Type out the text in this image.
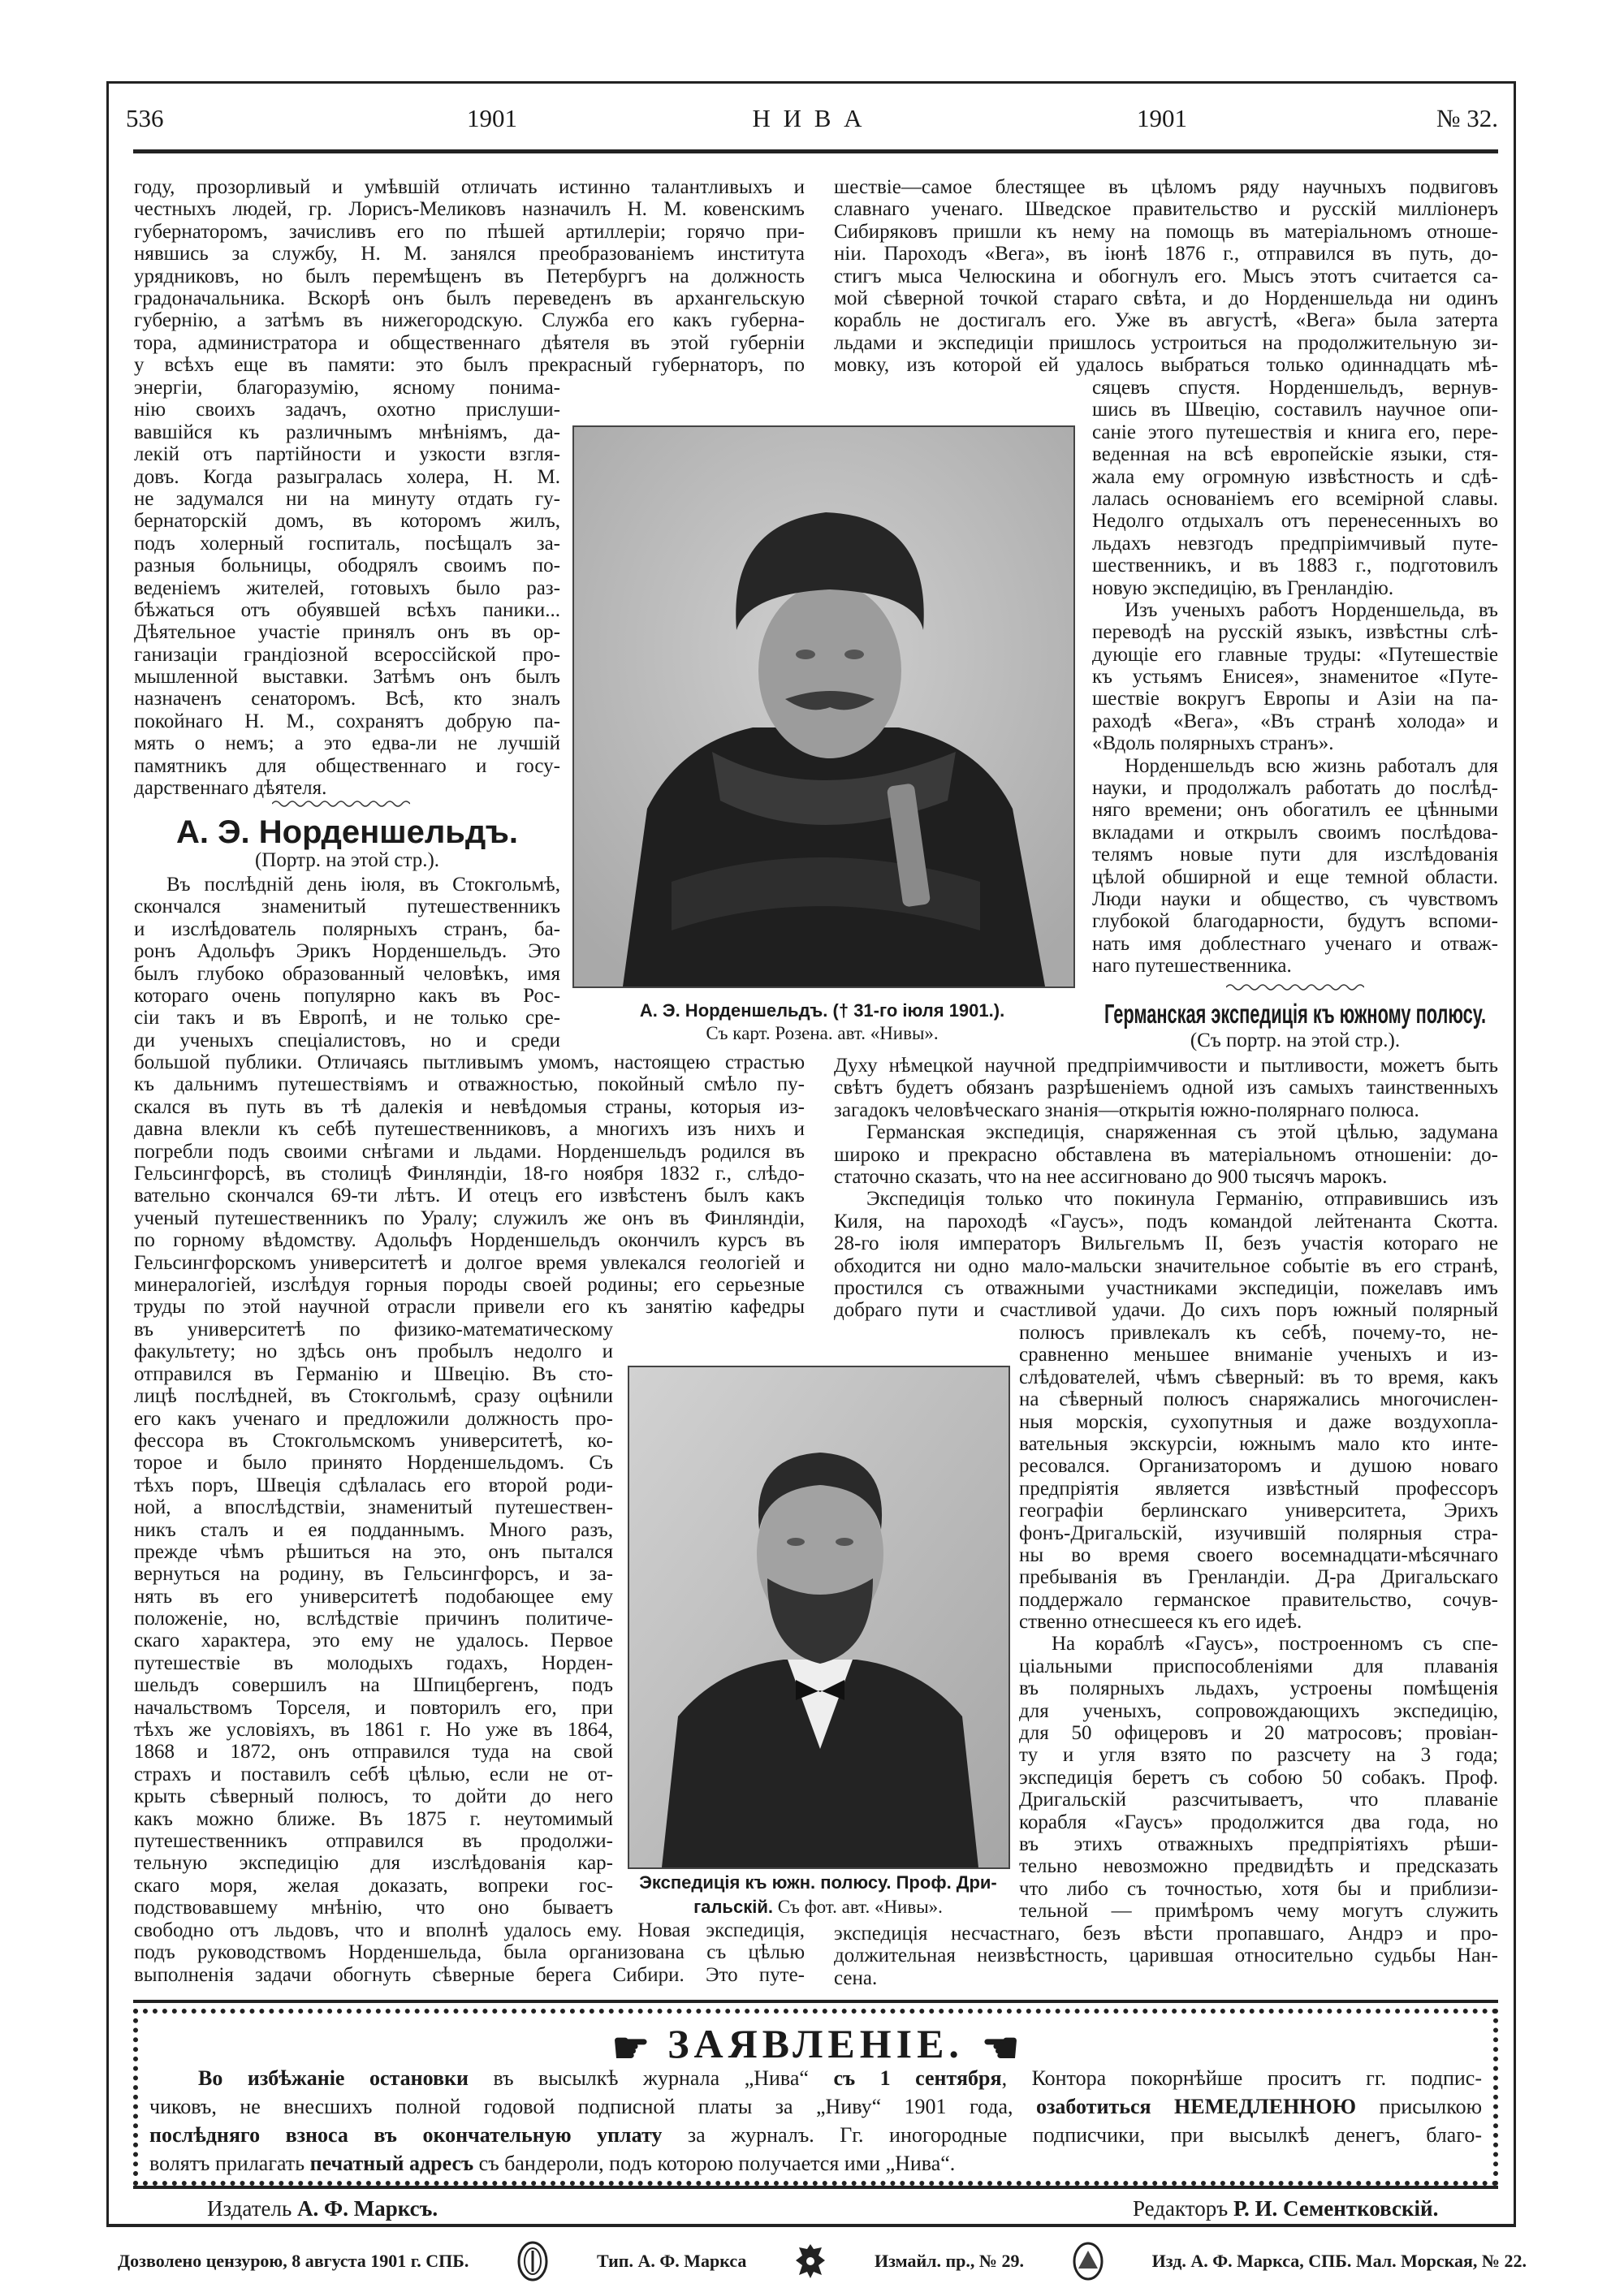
536	1901	Н И В А	1901	№ 32.
году, прозорливый и умѣвшій отличать истинно талантливыхъ и
честныхъ людей, гр. Лорисъ-Меликовъ назначилъ Н. М. ковенскимъ
губернаторомъ, зачисливъ его по пѣшей артиллеріи; горячо при-
нявшись за службу, Н. М. занялся преобразованіемъ института
урядниковъ, но былъ перемѣщенъ въ Петербургъ на должность
градоначальника. Вскорѣ онъ былъ переведенъ въ архангельскую
губернію, а затѣмъ въ нижегородскую. Служба его какъ губерна-
тора, администратора и общественнаго дѣятеля въ этой губерніи
у всѣхъ еще въ памяти: это былъ прекрасный губернаторъ, по
энергіи, благоразумію, ясному понима-
нію своихъ задачъ, охотно прислуши-
вавшійся къ различнымъ мнѣніямъ, да-
лекій отъ партійности и узкости взгля-
довъ. Когда разыгралась холера, Н. М.
не задумался ни на минуту отдать гу-
бернаторскій домъ, въ которомъ жилъ,
подъ холерный госпиталь, посѣщалъ за-
разныя больницы, ободрялъ своимъ по-
веденіемъ жителей, готовыхъ было раз-
бѣжаться отъ обуявшей всѣхъ паники...
Дѣятельное участіе принялъ онъ въ ор-
ганизаціи грандіозной всероссійской про-
мышленной выставки. Затѣмъ онъ былъ
назначенъ сенаторомъ. Всѣ, кто зналъ
покойнаго Н. М., сохранятъ добрую па-
мять о немъ; а это едва-ли не лучшій
памятникъ для общественнаго и госу-
дарственнаго дѣятеля.
А. Э. Норденшельдъ.
(Портр. на этой стр.).
Въ послѣдній день іюля, въ Стокгольмѣ,
скончался знаменитый путешественникъ
и изслѣдователь полярныхъ странъ, ба-
ронъ Адольфъ Эрикъ Норденшельдъ. Это
былъ глубоко образованный человѣкъ, имя
котораго очень популярно какъ въ Рос-
сіи такъ и въ Европѣ, и не только сре-
ди ученыхъ спеціалистовъ, но и среди
большой публики. Отличаясь пытливымъ умомъ, настоящею страстью
къ дальнимъ путешествіямъ и отважностью, покойный смѣло пу-
скался въ путь въ тѣ далекія и невѣдомыя страны, которыя из-
давна влекли къ себѣ путешественниковъ, а многихъ изъ нихъ и
погребли подъ своими снѣгами и льдами. Норденшельдъ родился въ
Гельсингфорсѣ, въ столицѣ Финляндіи, 18-го ноября 1832 г., слѣдо-
вательно скончался 69-ти лѣтъ. И отецъ его извѣстенъ былъ какъ
ученый путешественникъ по Уралу; служилъ же онъ въ Финляндіи,
по горному вѣдомству. Адольфъ Норденшельдъ окончилъ курсъ въ
Гельсингфорскомъ университетѣ и долгое время увлекался геологіей и
минералогіей, изслѣдуя горныя породы своей родины; его серьезные
труды по этой научной отрасли привели его къ занятію кафедры
въ университетѣ по физико-математическому
факультету; но здѣсь онъ пробылъ недолго и
отправился въ Германію и Швецію. Въ сто-
лицѣ послѣдней, въ Стокгольмѣ, сразу оцѣнили
его какъ ученаго и предложили должность про-
фессора въ Стокгольмскомъ университетѣ, ко-
торое и было принято Норденшельдомъ. Съ
тѣхъ поръ, Швеція сдѣлалась его второй роди-
ной, а впослѣдствіи, знаменитый путешествен-
никъ сталъ и ея подданнымъ. Много разъ,
прежде чѣмъ рѣшиться на это, онъ пытался
вернуться на родину, въ Гельсингфорсъ, и за-
нять въ его университетѣ подобающее ему
положеніе, но, вслѣдствіе причинъ политиче-
скаго характера, это ему не удалось. Первое
путешествіе въ молодыхъ годахъ, Норден-
шельдъ совершилъ на Шпицбергенъ, подъ
начальствомъ Торселя, и повторилъ его, при
тѣхъ же условіяхъ, въ 1861 г. Но уже въ 1864,
1868 и 1872, онъ отправился туда на свой
страхъ и поставилъ себѣ цѣлью, если не от-
крыть сѣверный полюсъ, то дойти до него
какъ можно ближе. Въ 1875 г. неутомимый
путешественникъ отправился въ продолжи-
тельную экспедицію для изслѣдованія кар-
скаго моря, желая доказать, вопреки гос-
подствовавшему мнѣнію, что оно бываетъ
свободно отъ льдовъ, что и вполнѣ удалось ему. Новая экспедиція,
подъ руководствомъ Норденшельда, была организована съ цѣлью
выполненія задачи обогнуть сѣверные берега Сибири. Это путе-
шествіе—самое блестящее въ цѣломъ ряду научныхъ подвиговъ
славнаго ученаго. Шведское правительство и русскій милліонеръ
Сибиряковъ пришли къ нему на помощь въ матеріальномъ отноше-
ніи. Пароходъ «Вега», въ іюнѣ 1876 г., отправился въ путь, до-
стигъ мыса Челюскина и обогнулъ его. Мысъ этотъ считается са-
мой сѣверной точкой стараго свѣта, и до Норденшельда ни одинъ
корабль не достигалъ его. Уже въ августѣ, «Вега» была затерта
льдами и экспедиціи пришлось устроиться на продолжительную зи-
мовку, изъ которой ей удалось выбраться только одиннадцать мѣ-
сяцевъ спустя. Норденшельдъ, вернув-
шись въ Швецію, составилъ научное опи-
саніе этого путешествія и книга его, пере-
веденная на всѣ европейскіе языки, стя-
жала ему огромную извѣстность и сдѣ-
лалась основаніемъ его всемірной славы.
Недолго отдыхалъ отъ перенесенныхъ во
льдахъ невзгодъ предпріимчивый путе-
шественникъ, и въ 1883 г., подготовилъ
новую экспедицію, въ Гренландію.
Изъ ученыхъ работъ Норденшельда, въ
переводѣ на русскій языкъ, извѣстны слѣ-
дующіе его главные труды: «Путешествіе
къ устьямъ Енисея», знаменитое «Путе-
шествіе вокругъ Европы и Азіи на па-
раходѣ «Вега», «Въ странѣ холода» и
«Вдоль полярныхъ странъ».
Норденшельдъ всю жизнь работалъ для
науки, и продолжалъ работать до послѣд-
няго времени; онъ обогатилъ ее цѣнными
вкладами и открылъ своимъ послѣдова-
телямъ новые пути для изслѣдованія
цѣлой обширной и еще темной области.
Люди науки и общество, съ чувствомъ
глубокой благодарности, будутъ вспоми-
нать имя доблестнаго ученаго и отваж-
наго путешественника.
Германская экспедиція къ южному полюсу.
(Съ портр. на этой стр.).
Духу нѣмецкой научной предпріимчивости и пытливости, можетъ быть
свѣтъ будетъ обязанъ разрѣшеніемъ одной изъ самыхъ таинственныхъ
загадокъ человѣческаго знанія—открытія южно-полярнаго полюса.
Германская экспедиція, снаряженная съ этой цѣлью, задумана
широко и прекрасно обставлена въ матеріальномъ отношеніи: до-
статочно сказать, что на нее ассигновано до 900 тысячъ марокъ.
Экспедиція только что покинула Германію, отправившись изъ
Киля, на пароходѣ «Гаусъ», подъ командой лейтенанта Скотта.
28-го іюля императоръ Вильгельмъ II, безъ участія котораго не
обходится ни одно мало-мальски значительное событіе въ его странѣ,
простился съ отважными участниками экспедиціи, пожелавъ имъ
добраго пути и счастливой удачи. До сихъ поръ южный полярный
полюсъ привлекалъ къ себѣ, почему-то, не-
сравненно меньшее вниманіе ученыхъ и из-
слѣдователей, чѣмъ сѣверный: въ то время, какъ
на сѣверный полюсъ снаряжались многочислен-
ныя морскія, сухопутныя и даже воздухопла-
вательныя экскурсіи, южнымъ мало кто инте-
ресовался. Организаторомъ и душою новаго
предпріятія является извѣстный профессоръ
географіи берлинскаго университета, Эрихъ
фонъ-Дригальскій, изучившій полярныя стра-
ны во время своего восемнадцати-мѣсячнаго
пребыванія въ Гренландіи. Д-ра Дригальскаго
поддержало германское правительство, сочув-
ственно отнесшееся къ его идеѣ.
На кораблѣ «Гаусъ», построенномъ съ спе-
ціальными приспособленіями для плаванія
въ полярныхъ льдахъ, устроены помѣщенія
для ученыхъ, сопровождающихъ экспедицію,
для 50 офицеровъ и 20 матросовъ; провіан-
ту и угля взято по разсчету на 3 года;
экспедиція беретъ съ собою 50 собакъ. Проф.
Дригальскій разсчитываетъ, что плаваніе
корабля «Гаусъ» продолжится два года, но
въ этихъ отважныхъ предпріятіяхъ рѣши-
тельно невозможно предвидѣть и предсказать
что либо съ точностью, хотя бы и приблизи-
тельной — примѣромъ чему могутъ служить
экспедиція несчастнаго, безъ вѣсти пропавшаго, Андрэ и про-
должительная неизвѣстность, царившая относительно судьбы Нан-
сена.
А. Э. Норденшельдъ. († 31-го іюля 1901.).
Съ карт. Розена. авт. «Нивы».
Экспедиція къ южн. полюсу. Проф. Дри-
гальскій. Съ фот. авт. «Нивы».
☛ ЗАЯВЛЕНІЕ. ☚
Во избѣжаніе остановки въ высылкѣ журнала „Нива“ съ 1 сентября, Контора покорнѣйше проситъ гг. подпис-
чиковъ, не внесшихъ полной годовой подписной платы за „Ниву“ 1901 года, озаботиться НЕМЕДЛЕННОЮ присылкою
послѣдняго взноса въ окончательную уплату за журналъ. Гг. иногородные подписчики, при высылкѣ денегъ, благо-
волятъ прилагать печатный адресъ съ бандероли, подъ которою получается ими „Нива“.
Издатель А. Ф. Марксъ.	Редакторъ Р. И. Сементковскій.
Дозволено цензурою, 8 августа 1901 г. СПБ.	Тип. А. Ф. Маркса	Измайл. пр., № 29.	Изд. А. Ф. Маркса, СПБ. Мал. Морская, № 22.
